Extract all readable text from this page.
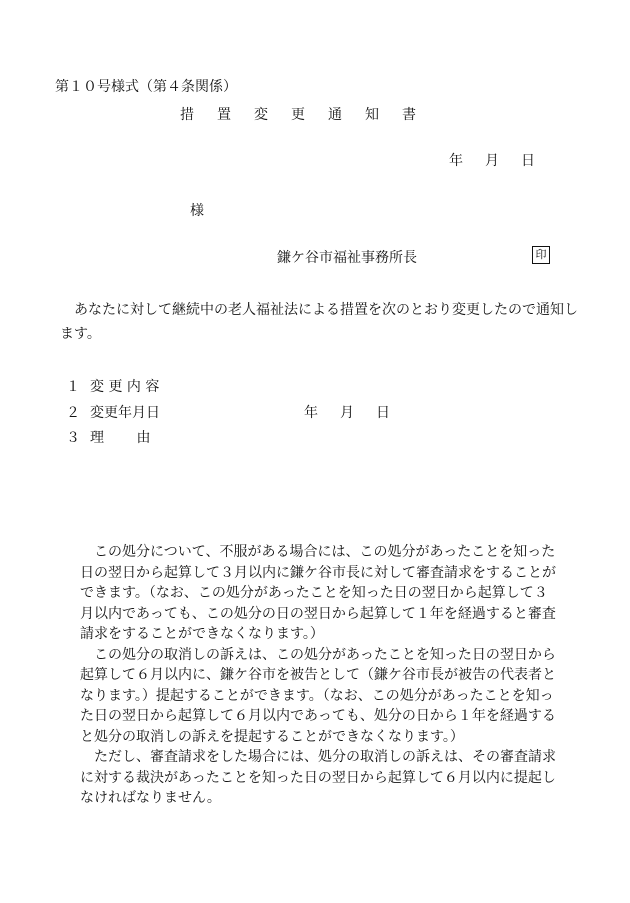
第１０号様式（第４条関係）
措置変更通知書
年 月 日
様
鎌ケ谷市福祉事務所長	印
あなたに対して継続中の老人福祉法による措置を次のとおり変更したので通知します。
１ 変 更 内 容
２ 変更年月日	年 月 日
３ 理　　 由

この処分について、不服がある場合には、この処分があったことを知った日の翌日から起算して３月以内に鎌ケ谷市長に対して審査請求をすることができます。（なお、この処分があったことを知った日の翌日から起算して３月以内であっても、この処分の日の翌日から起算して１年を経過すると審査請求をすることができなくなります。）

この処分の取消しの訴えは、この処分があったことを知った日の翌日から起算して６月以内に、鎌ケ谷市を被告として（鎌ケ谷市長が被告の代表者となります。）提起することができます。（なお、この処分があったことを知った日の翌日から起算して６月以内であっても、処分の日から１年を経過すると処分の取消しの訴えを提起することができなくなります。）

ただし、審査請求をした場合には、処分の取消しの訴えは、その審査請求に対する裁決があったことを知った日の翌日から起算して６月以内に提起しなければなりません。
